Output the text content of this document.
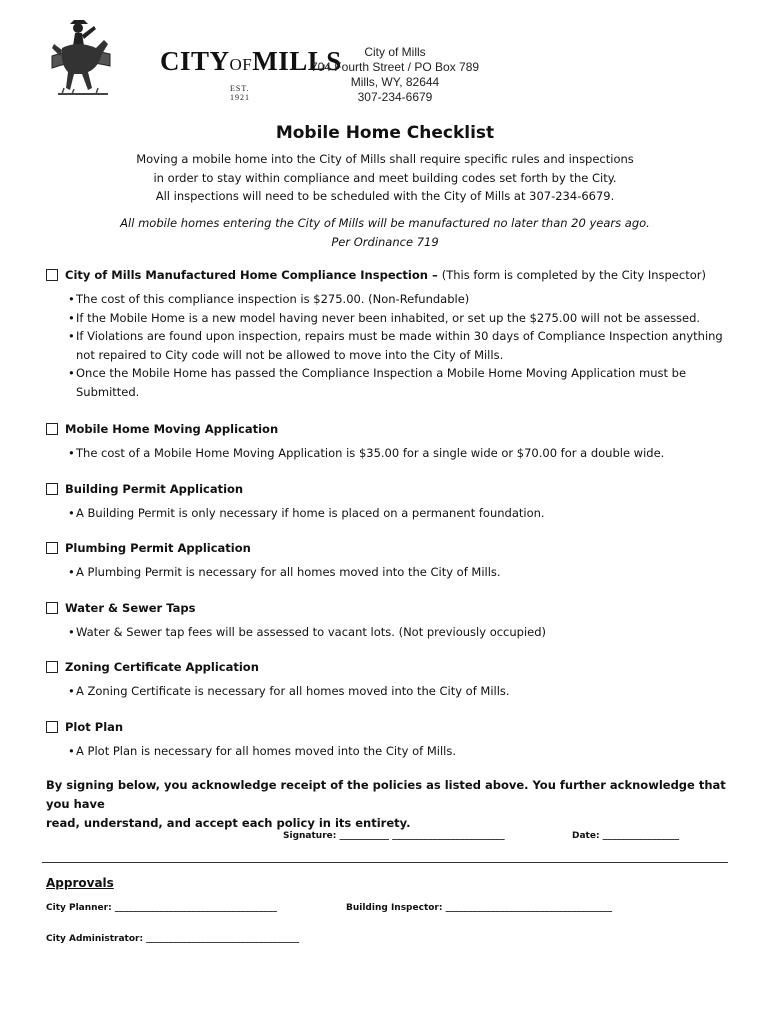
CITYOFMILLS
EST. 1921
City of Mills
704 Fourth Street / PO Box 789
Mills, WY, 82644
307-234-6679
Mobile Home Checklist
Moving a mobile home into the City of Mills shall require specific rules and inspections
in order to stay within compliance and meet building codes set forth by the City.
All inspections will need to be scheduled with the City of Mills at 307-234-6679.
All mobile homes entering the City of Mills will be manufactured no later than 20 years ago.
Per Ordinance 719
City of Mills Manufactured Home Compliance Inspection – (This form is completed by the City Inspector)
• The cost of this compliance inspection is $275.00. (Non-Refundable)
• If the Mobile Home is a new model having never been inhabited, or set up the $275.00 will not be assessed.
• If Violations are found upon inspection, repairs must be made within 30 days of Compliance Inspection anything not repaired to City code will not be allowed to move into the City of Mills.
• Once the Mobile Home has passed the Compliance Inspection a Mobile Home Moving Application must be Submitted.
Mobile Home Moving Application
• The cost of a Mobile Home Moving Application is $35.00 for a single wide or $70.00 for a double wide.
Building Permit Application
• A Building Permit is only necessary if home is placed on a permanent foundation.
Plumbing Permit Application
• A Plumbing Permit is necessary for all homes moved into the City of Mills.
Water & Sewer Taps
• Water & Sewer tap fees will be assessed to vacant lots. (Not previously occupied)
Zoning Certificate Application
• A Zoning Certificate is necessary for all homes moved into the City of Mills.
Plot Plan
• A Plot Plan is necessary for all homes moved into the City of Mills.
By signing below, you acknowledge receipt of the policies as listed above. You further acknowledge that you have
read, understand, and accept each policy in its entirety.
Signature: ___________ _________________________	Date: _________________
Approvals
City Planner: ____________________________________	Building Inspector: _____________________________________
City Administrator: __________________________________
